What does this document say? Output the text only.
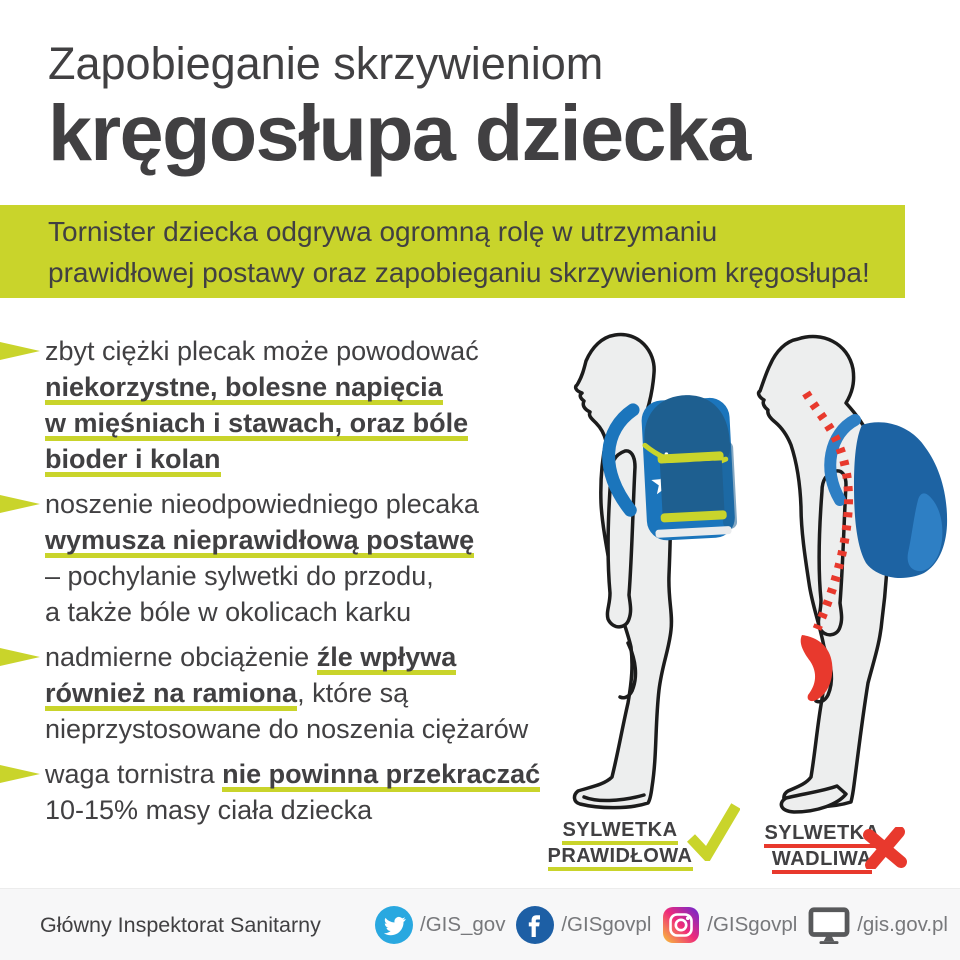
Zapobieganie skrzywieniom
kręgosłupa dziecka
Tornister dziecka odgrywa ogromną rolę w utrzymaniu
prawidłowej postawy oraz zapobieganiu skrzywieniom kręgosłupa!
zbyt ciężki plecak może powodować
niekorzystne, bolesne napięcia
w mięśniach i stawach, oraz bóle
bioder i kolan
noszenie nieodpowiedniego plecaka
wymusza nieprawidłową postawę
– pochylanie sylwetki do przodu,
a także bóle w okolicach karku
nadmierne obciążenie źle wpływa
również na ramiona, które są
nieprzystosowane do noszenia ciężarów
waga tornistra nie powinna przekraczać
10-15% masy ciała dziecka
SYLWETKA
PRAWIDŁOWA
SYLWETKA
WADLIWA
Główny Inspektorat Sanitarny	/GIS_gov	/GISgovpl	/GISgovpl	/gis.gov.pl
